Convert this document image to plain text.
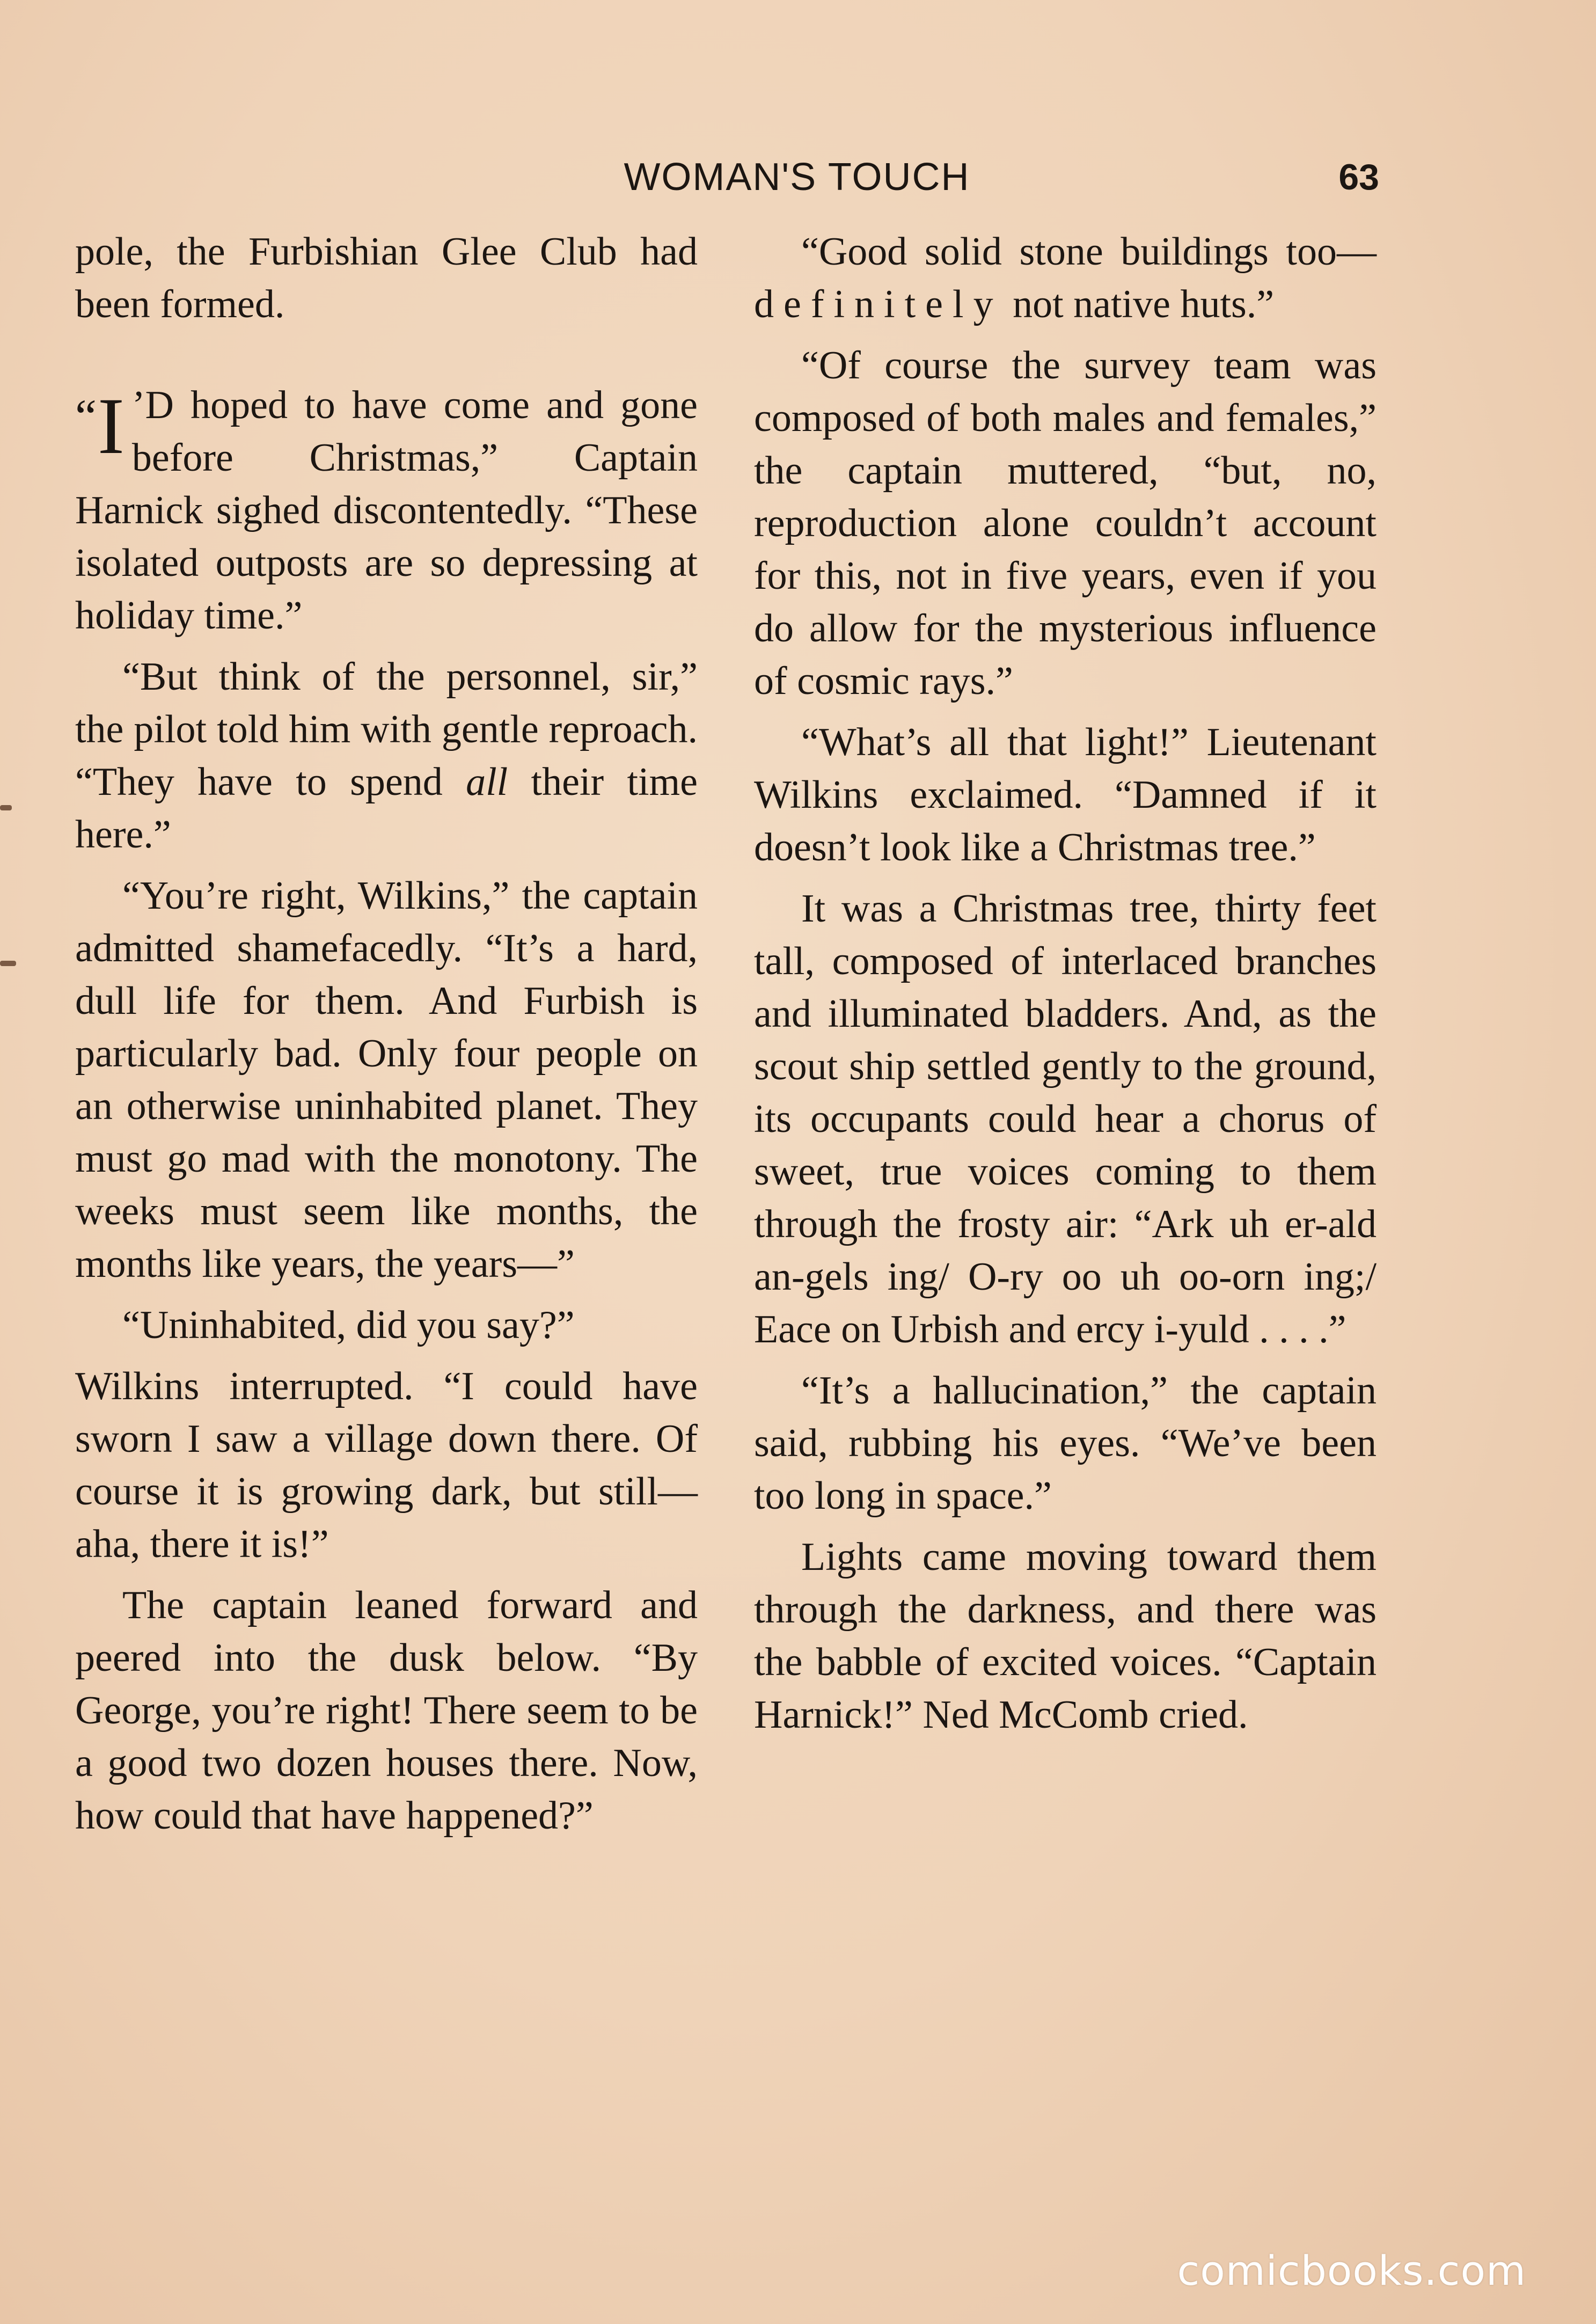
WOMAN'S TOUCH	63

pole, the Furbishian Glee Club had been formed.

“I ’D hoped to have come and gone before Christmas,” Captain Harnick sighed discontentedly. “These isolated outposts are so depressing at holiday time.”

“But think of the personnel, sir,” the pilot told him with gentle reproach. “They have to spend all their time here.”

“You’re right, Wilkins,” the captain admitted shamefacedly. “It’s a hard, dull life for them. And Furbish is particularly bad. Only four people on an otherwise uninhabited planet. They must go mad with the monotony. The weeks must seem like months, the months like years, the years—”

“Uninhabited, did you say?”

Wilkins interrupted. “I could have sworn I saw a village down there. Of course it is growing dark, but still—aha, there it is!”

The captain leaned forward and peered into the dusk below. “By George, you’re right! There seem to be a good two dozen houses there. Now, how could that have happened?”

“Good solid stone buildings too—definitely not native huts.”

“Of course the survey team was composed of both males and females,” the captain muttered, “but, no, reproduction alone couldn’t account for this, not in five years, even if you do allow for the mysterious influence of cosmic rays.”

“What’s all that light!” Lieutenant Wilkins exclaimed. “Damned if it doesn’t look like a Christmas tree.”

It was a Christmas tree, thirty feet tall, composed of interlaced branches and illuminated bladders. And, as the scout ship settled gently to the ground, its occupants could hear a chorus of sweet, true voices coming to them through the frosty air: “Ark uh er-ald an-gels ing/ O-ry oo uh oo-orn ing;/ Eace on Urbish and ercy i-yuld . . . .”

“It’s a hallucination,” the captain said, rubbing his eyes. “We’ve been too long in space.”

Lights came moving toward them through the darkness, and there was the babble of excited voices. “Captain Harnick!” Ned McComb cried.

comicbooks.com
